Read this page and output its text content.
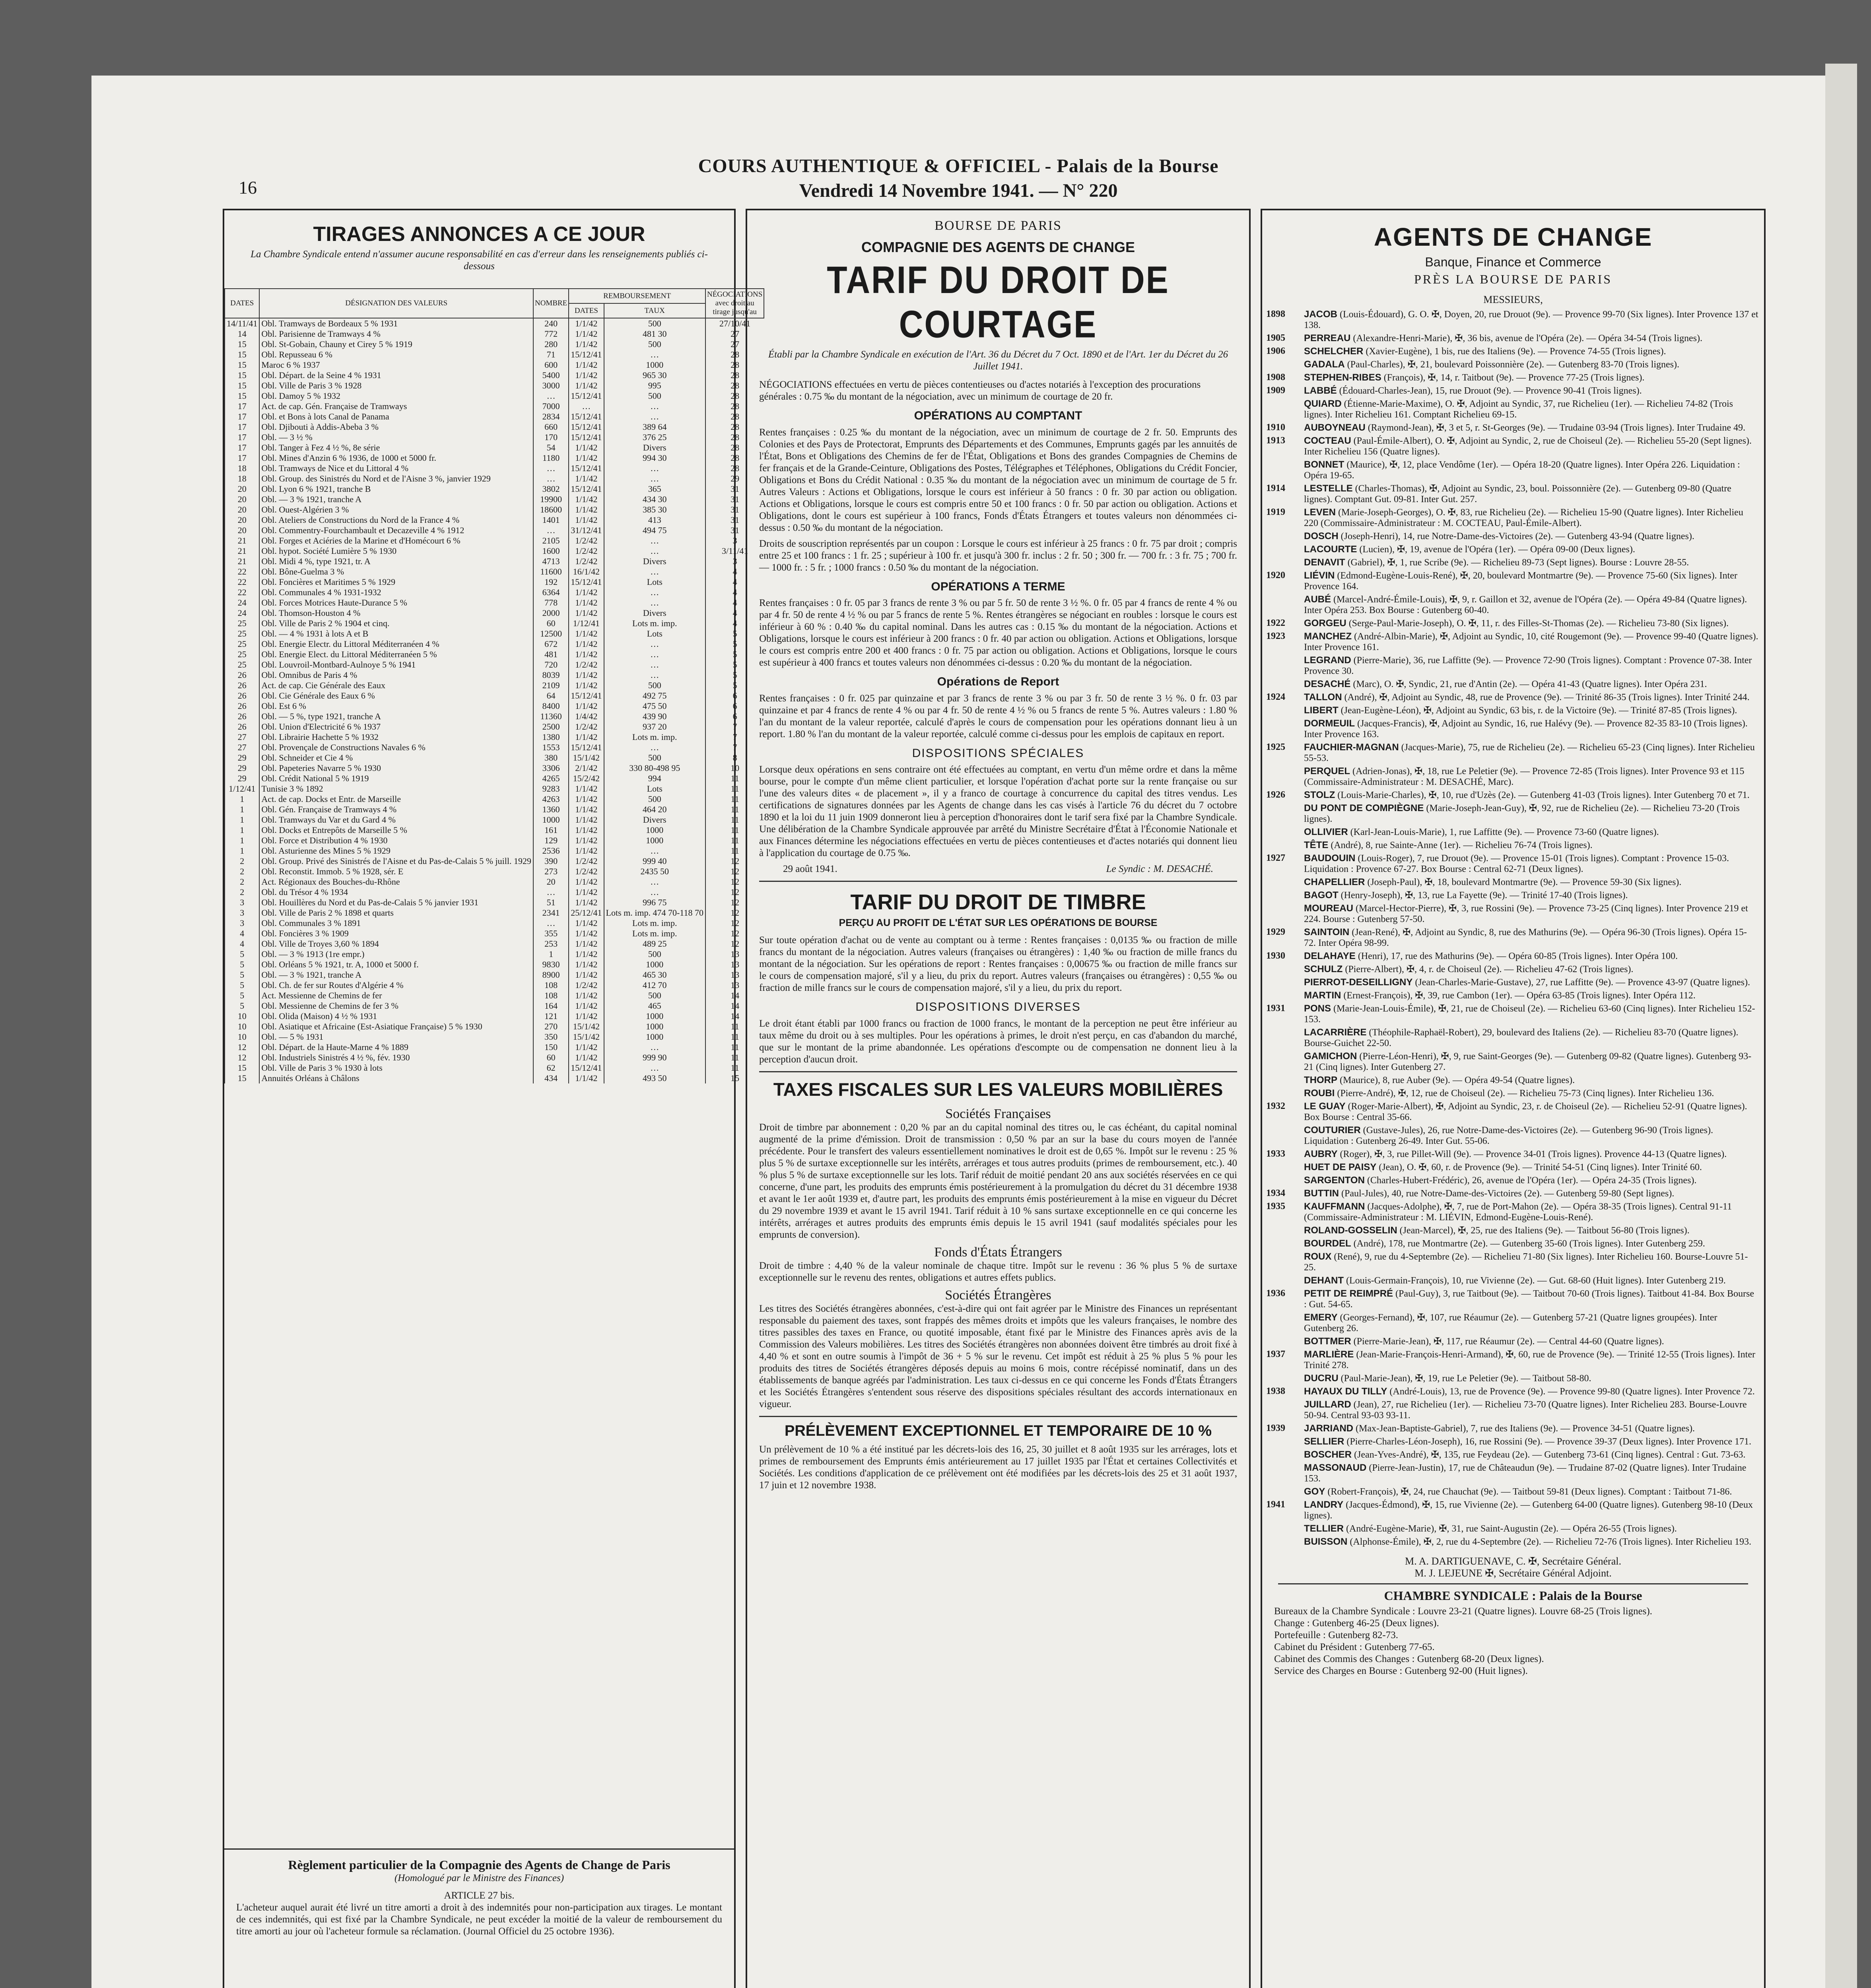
COURS AUTHENTIQUE & OFFICIEL - Palais de la Bourse
Vendredi 14 Novembre 1941. — N° 220
16
TIRAGES ANNONCES A CE JOUR
La Chambre Syndicale entend n'assumer aucune responsabilité en cas d'erreur dans les renseignements publiés ci-dessous
DATES	DÉSIGNATION DES VALEURS	NOMBRE	REMBOURSEMENT		NÉGOCIATIONS avec droit au tirage jusqu'au
			DATES	TAUX	
14/11/41	Obl. Tramways de Bordeaux 5 % 1931	240	1/1/42	500	27/10/41
14	Obl. Parisienne de Tramways 4 %	772	1/1/42	481 30	27
15	Obl. St-Gobain, Chauny et Cirey 5 % 1919	280	1/1/42	500	27
15	Obl. Repusseau 6 %	71	15/12/41	…	28
15	Maroc 6 % 1937	600	1/1/42	1000	28
15	Obl. Départ. de la Seine 4 % 1931	5400	1/1/42	965 30	28
15	Obl. Ville de Paris 3 % 1928	3000	1/1/42	995	28
15	Obl. Damoy 5 % 1932	…	15/12/41	500	28
17	Act. de cap. Gén. Française de Tramways	7000	…	…	28
17	Obl. et Bons à lots Canal de Panama	2834	15/12/41	…	28
17	Obl. Djibouti à Addis-Abeba 3 %	660	15/12/41	389 64	28
17	Obl. — 3 ½ %	170	15/12/41	376 25	28
17	Obl. Tanger à Fez 4 ½ %, 8e série	54	1/1/42	Divers	28
17	Obl. Mines d'Anzin 6 % 1936, de 1000 et 5000 fr.	1180	1/1/42	994 30	28
18	Obl. Tramways de Nice et du Littoral 4 %	…	15/12/41	…	28
18	Obl. Group. des Sinistrés du Nord et de l'Aisne 3 %, janvier 1929	…	1/1/42	…	29
20	Obl. Lyon 6 % 1921, tranche B	3802	15/12/41	365	31
20	Obl. — 3 % 1921, tranche A	19900	1/1/42	434 30	31
20	Obl. Ouest-Algérien 3 %	18600	1/1/42	385 30	31
20	Obl. Ateliers de Constructions du Nord de la France 4 %	1401	1/1/42	413	31
20	Obl. Commentry-Fourchambault et Decazeville 4 % 1912	…	31/12/41	494 75	31
21	Obl. Forges et Aciéries de la Marine et d'Homécourt 6 %	2105	1/2/42	…	3
21	Obl. hypot. Société Lumière 5 % 1930	1600	1/2/42	…	3/11/41
21	Obl. Midi 4 %, type 1921, tr. A	4713	1/2/42	Divers	3
22	Obl. Bône-Guelma 3 %	11600	16/1/42	…	4
22	Obl. Foncières et Maritimes 5 % 1929	192	15/12/41	Lots	4
22	Obl. Communales 4 % 1931-1932	6364	1/1/42	…	4
24	Obl. Forces Motrices Haute-Durance 5 %	778	1/1/42	…	4
24	Obl. Thomson-Houston 4 %	2000	1/1/42	Divers	4
25	Obl. Ville de Paris 2 % 1904 et cinq.	60	1/12/41	Lots m. imp.	4
25	Obl. — 4 % 1931 à lots A et B	12500	1/1/42	Lots	5
25	Obl. Energie Electr. du Littoral Méditerranéen 4 %	672	1/1/42	…	5
25	Obl. Energie Elect. du Littoral Méditerranéen 5 %	481	1/1/42	…	5
25	Obl. Louvroil-Montbard-Aulnoye 5 % 1941	720	1/2/42	…	5
26	Obl. Omnibus de Paris 4 %	8039	1/1/42	…	5
26	Act. de cap. Cie Générale des Eaux	2109	1/1/42	500	5
26	Obl. Cie Générale des Eaux 6 %	64	15/12/41	492 75	6
26	Obl. Est 6 %	8400	1/1/42	475 50	6
26	Obl. — 5 %, type 1921, tranche A	11360	1/4/42	439 90	6
26	Obl. Union d'Electricité 6 % 1937	2500	1/2/42	937 20	7
27	Obl. Librairie Hachette 5 % 1932	1380	1/1/42	Lots m. imp.	7
27	Obl. Provençale de Constructions Navales 6 %	1553	15/12/41	…	7
29	Obl. Schneider et Cie 4 %	380	15/1/42	500	8
29	Obl. Papeteries Navarre 5 % 1930	3306	2/1/42	330 80-498 95	10
29	Obl. Crédit National 5 % 1919	4265	15/2/42	994	11
1/12/41	Tunisie 3 % 1892	9283	1/1/42	Lots	11
1	Act. de cap. Docks et Entr. de Marseille	4263	1/1/42	500	11
1	Obl. Gén. Française de Tramways 4 %	1360	1/1/42	464 20	11
1	Obl. Tramways du Var et du Gard 4 %	1000	1/1/42	Divers	11
1	Obl. Docks et Entrepôts de Marseille 5 %	161	1/1/42	1000	11
1	Obl. Force et Distribution 4 % 1930	129	1/1/42	1000	11
1	Obl. Asturienne des Mines 5 % 1929	2536	1/1/42	…	11
2	Obl. Group. Privé des Sinistrés de l'Aisne et du Pas-de-Calais 5 % juill. 1929	390	1/2/42	999 40	12
2	Obl. Reconstit. Immob. 5 % 1928, sér. E	273	1/2/42	2435 50	12
2	Act. Régionaux des Bouches-du-Rhône	20	1/1/42	…	12
2	Obl. du Trésor 4 % 1934	…	1/1/42	…	12
3	Obl. Houillères du Nord et du Pas-de-Calais 5 % janvier 1931	51	1/1/42	996 75	12
3	Obl. Ville de Paris 2 % 1898 et quarts	2341	25/12/41	Lots m. imp. 474 70-118 70	12
3	Obl. Communales 3 % 1891	…	1/1/42	Lots m. imp.	12
4	Obl. Foncières 3 % 1909	355	1/1/42	Lots m. imp.	12
4	Obl. Ville de Troyes 3,60 % 1894	253	1/1/42	489 25	12
5	Obl. — 3 % 1913 (1re empr.)	1	1/1/42	500	13
5	Obl. Orléans 5 % 1921, tr. A, 1000 et 5000 f.	9830	1/1/42	1000	13
5	Obl. — 3 % 1921, tranche A	8900	1/1/42	465 30	13
5	Obl. Ch. de fer sur Routes d'Algérie 4 %	108	1/2/42	412 70	13
5	Act. Messienne de Chemins de fer	108	1/1/42	500	14
5	Obl. Messienne de Chemins de fer 3 %	164	1/1/42	465	14
10	Obl. Olida (Maison) 4 ½ % 1931	121	1/1/42	1000	14
10	Obl. Asiatique et Africaine (Est-Asiatique Française) 5 % 1930	270	15/1/42	1000	11
10	Obl. — 5 % 1931	350	15/1/42	1000	11
12	Obl. Départ. de la Haute-Marne 4 % 1889	150	1/1/42	…	11
12	Obl. Industriels Sinistrés 4 ½ %, fév. 1930	60	1/1/42	999 90	11
15	Obl. Ville de Paris 3 % 1930 à lots	62	15/12/41	…	11
15	Annuités Orléans à Châlons	434	1/1/42	493 50	15
Règlement particulier de la Compagnie des Agents de Change de Paris
(Homologué par le Ministre des Finances)
ARTICLE 27 bis.
L'acheteur auquel aurait été livré un titre amorti a droit à des indemnités pour non-participation aux tirages. Le montant de ces indemnités, qui est fixé par la Chambre Syndicale, ne peut excéder la moitié de la valeur de remboursement du titre amorti au jour où l'acheteur formule sa réclamation. (Journal Officiel du 25 octobre 1936).
BOURSE DE PARIS
COMPAGNIE DES AGENTS DE CHANGE
TARIF DU DROIT DE COURTAGE
Établi par la Chambre Syndicale en exécution de l'Art. 36 du Décret du 7 Oct. 1890 et de l'Art. 1er du Décret du 26 Juillet 1941.

NÉGOCIATIONS effectuées en vertu de pièces contentieuses ou d'actes notariés à l'exception des procurations générales : 0.75 ‰ du montant de la négociation, avec un minimum de courtage de 20 fr.

OPÉRATIONS AU COMPTANT

Rentes françaises : 0.25 ‰ du montant de la négociation, avec un minimum de courtage de 2 fr. 50. Emprunts des Colonies et des Pays de Protectorat, Emprunts des Départements et des Communes, Emprunts gagés par les annuités de l'État, Bons et Obligations des Chemins de fer de l'État, Obligations et Bons des grandes Compagnies de Chemins de fer français et de la Grande-Ceinture, Obligations des Postes, Télégraphes et Téléphones, Obligations du Crédit Foncier, Obligations et Bons du Crédit National : 0.35 ‰ du montant de la négociation avec un minimum de courtage de 5 fr. Autres Valeurs : Actions et Obligations, lorsque le cours est inférieur à 50 francs : 0 fr. 30 par action ou obligation. Actions et Obligations, lorsque le cours est compris entre 50 et 100 francs : 0 fr. 50 par action ou obligation. Actions et Obligations, dont le cours est supérieur à 100 francs, Fonds d'États Étrangers et toutes valeurs non dénommées ci-dessus : 0.50 ‰ du montant de la négociation.

Droits de souscription représentés par un coupon : Lorsque le cours est inférieur à 25 francs : 0 fr. 75 par droit ; compris entre 25 et 100 francs : 1 fr. 25 ; supérieur à 100 fr. et jusqu'à 300 fr. inclus : 2 fr. 50 ; 300 fr. — 700 fr. : 3 fr. 75 ; 700 fr. — 1000 fr. : 5 fr. ; 1000 francs : 0.50 ‰ du montant de la négociation.

OPÉRATIONS A TERME

Rentes françaises : 0 fr. 05 par 3 francs de rente 3 % ou par 5 fr. 50 de rente 3 ½ %. 0 fr. 05 par 4 francs de rente 4 % ou par 4 fr. 50 de rente 4 ½ % ou par 5 francs de rente 5 %. Rentes étrangères se négociant en roubles : lorsque le cours est inférieur à 60 % : 0.40 ‰ du capital nominal. Dans les autres cas : 0.15 ‰ du montant de la négociation. Actions et Obligations, lorsque le cours est inférieur à 200 francs : 0 fr. 40 par action ou obligation. Actions et Obligations, lorsque le cours est compris entre 200 et 400 francs : 0 fr. 75 par action ou obligation. Actions et Obligations, lorsque le cours est supérieur à 400 francs et toutes valeurs non dénommées ci-dessus : 0.20 ‰ du montant de la négociation.

Opérations de Report

Rentes françaises : 0 fr. 025 par quinzaine et par 3 francs de rente 3 % ou par 3 fr. 50 de rente 3 ½ %. 0 fr. 03 par quinzaine et par 4 francs de rente 4 % ou par 4 fr. 50 de rente 4 ½ % ou 5 francs de rente 5 %. Autres valeurs : 1.80 % l'an du montant de la valeur reportée, calculé d'après le cours de compensation pour les opérations donnant lieu à un report. 1.80 % l'an du montant de la valeur reportée, calculé comme ci-dessus pour les emplois de capitaux en report.

DISPOSITIONS SPÉCIALES

Lorsque deux opérations en sens contraire ont été effectuées au comptant, en vertu d'un même ordre et dans la même bourse, pour le compte d'un même client particulier, et lorsque l'opération d'achat porte sur la rente française ou sur l'une des valeurs dites « de placement », il y a franco de courtage à concurrence du capital des titres vendus. Les certifications de signatures données par les Agents de change dans les cas visés à l'article 76 du décret du 7 octobre 1890 et la loi du 11 juin 1909 donneront lieu à perception d'honoraires dont le tarif sera fixé par la Chambre Syndicale. Une délibération de la Chambre Syndicale approuvée par arrêté du Ministre Secrétaire d'État à l'Économie Nationale et aux Finances détermine les négociations effectuées en vertu de pièces contentieuses et d'actes notariés qui donnent lieu à l'application du courtage de 0.75 ‰.

29 août 1941.	Le Syndic : M. DESACHÉ.
TARIF DU DROIT DE TIMBRE
PERÇU AU PROFIT DE L'ÉTAT SUR LES OPÉRATIONS DE BOURSE

Sur toute opération d'achat ou de vente au comptant ou à terme : Rentes françaises : 0,0135 ‰ ou fraction de mille francs du montant de la négociation. Autres valeurs (françaises ou étrangères) : 1,40 ‰ ou fraction de mille francs du montant de la négociation. Sur les opérations de report : Rentes françaises : 0,00675 ‰ ou fraction de mille francs sur le cours de compensation majoré, s'il y a lieu, du prix du report. Autres valeurs (françaises ou étrangères) : 0,55 ‰ ou fraction de mille francs sur le cours de compensation majoré, s'il y a lieu, du prix du report.

DISPOSITIONS DIVERSES

Le droit étant établi par 1000 francs ou fraction de 1000 francs, le montant de la perception ne peut être inférieur au taux même du droit ou à ses multiples. Pour les opérations à primes, le droit n'est perçu, en cas d'abandon du marché, que sur le montant de la prime abandonnée. Les opérations d'escompte ou de compensation ne donnent lieu à la perception d'aucun droit.

TAXES FISCALES SUR LES VALEURS MOBILIÈRES
Sociétés Françaises

Droit de timbre par abonnement : 0,20 % par an du capital nominal des titres ou, le cas échéant, du capital nominal augmenté de la prime d'émission. Droit de transmission : 0,50 % par an sur la base du cours moyen de l'année précédente. Pour le transfert des valeurs essentiellement nominatives le droit est de 0,65 %. Impôt sur le revenu : 25 % plus 5 % de surtaxe exceptionnelle sur les intérêts, arrérages et tous autres produits (primes de remboursement, etc.). 40 % plus 5 % de surtaxe exceptionnelle sur les lots. Tarif réduit de moitié pendant 20 ans aux sociétés réservées en ce qui concerne, d'une part, les produits des emprunts émis postérieurement à la promulgation du décret du 31 décembre 1938 et avant le 1er août 1939 et, d'autre part, les produits des emprunts émis postérieurement à la mise en vigueur du Décret du 29 novembre 1939 et avant le 15 avril 1941. Tarif réduit à 10 % sans surtaxe exceptionnelle en ce qui concerne les intérêts, arrérages et autres produits des emprunts émis depuis le 15 avril 1941 (sauf modalités spéciales pour les emprunts de conversion).

Fonds d'États Étrangers

Droit de timbre : 4,40 % de la valeur nominale de chaque titre. Impôt sur le revenu : 36 % plus 5 % de surtaxe exceptionnelle sur le revenu des rentes, obligations et autres effets publics.

Sociétés Étrangères

Les titres des Sociétés étrangères abonnées, c'est-à-dire qui ont fait agréer par le Ministre des Finances un représentant responsable du paiement des taxes, sont frappés des mêmes droits et impôts que les valeurs françaises, le nombre des titres passibles des taxes en France, ou quotité imposable, étant fixé par le Ministre des Finances après avis de la Commission des Valeurs mobilières. Les titres des Sociétés étrangères non abonnées doivent être timbrés au droit fixé à 4,40 % et sont en outre soumis à l'impôt de 36 + 5 % sur le revenu. Cet impôt est réduit à 25 % plus 5 % pour les produits des titres de Sociétés étrangères déposés depuis au moins 6 mois, contre récépissé nominatif, dans un des établissements de banque agréés par l'administration. Les taux ci-dessus en ce qui concerne les Fonds d'États Étrangers et les Sociétés Étrangères s'entendent sous réserve des dispositions spéciales résultant des accords internationaux en vigueur.

PRÉLÈVEMENT EXCEPTIONNEL ET TEMPORAIRE DE 10 %

Un prélèvement de 10 % a été institué par les décrets-lois des 16, 25, 30 juillet et 8 août 1935 sur les arrérages, lots et primes de remboursement des Emprunts émis antérieurement au 17 juillet 1935 par l'État et certaines Collectivités et Sociétés. Les conditions d'application de ce prélèvement ont été modifiées par les décrets-lois des 25 et 31 août 1937, 17 juin et 12 novembre 1938.

AGENTS DE CHANGE
Banque, Finance et Commerce
PRÈS LA BOURSE DE PARIS
MESSIEURS,
1898	JACOB (Louis-Édouard), G. O. ✠, Doyen, 20, rue Drouot (9e). — Provence 99-70 (Six lignes). Inter Provence 137 et 138.
1905	PERREAU (Alexandre-Henri-Marie), ✠, 36 bis, avenue de l'Opéra (2e). — Opéra 34-54 (Trois lignes).
1906	SCHELCHER (Xavier-Eugène), 1 bis, rue des Italiens (9e). — Provence 74-55 (Trois lignes).
GADALA (Paul-Charles), ✠, 21, boulevard Poissonnière (2e). — Gutenberg 83-70 (Trois lignes).
1908	STEPHEN-RIBES (François), ✠, 14, r. Taitbout (9e). — Provence 77-25 (Trois lignes).
1909	LABBÉ (Édouard-Charles-Jean), 15, rue Drouot (9e). — Provence 90-41 (Trois lignes).
QUIARD (Étienne-Marie-Maxime), O. ✠, Adjoint au Syndic, 37, rue Richelieu (1er). — Richelieu 74-82 (Trois lignes). Inter Richelieu 161. Comptant Richelieu 69-15.
1910	AUBOYNEAU (Raymond-Jean), ✠, 3 et 5, r. St-Georges (9e). — Trudaine 03-94 (Trois lignes). Inter Trudaine 49.
1913	COCTEAU (Paul-Émile-Albert), O. ✠, Adjoint au Syndic, 2, rue de Choiseul (2e). — Richelieu 55-20 (Sept lignes). Inter Richelieu 156 (Quatre lignes).
BONNET (Maurice), ✠, 12, place Vendôme (1er). — Opéra 18-20 (Quatre lignes). Inter Opéra 226. Liquidation : Opéra 19-65.
1914	LESTELLE (Charles-Thomas), ✠, Adjoint au Syndic, 23, boul. Poissonnière (2e). — Gutenberg 09-80 (Quatre lignes). Comptant Gut. 09-81. Inter Gut. 257.
1919	LEVEN (Marie-Joseph-Georges), O. ✠, 83, rue Richelieu (2e). — Richelieu 15-90 (Quatre lignes). Inter Richelieu 220 (Commissaire-Administrateur : M. COCTEAU, Paul-Émile-Albert).
DOSCH (Joseph-Henri), 14, rue Notre-Dame-des-Victoires (2e). — Gutenberg 43-94 (Quatre lignes).
LACOURTE (Lucien), ✠, 19, avenue de l'Opéra (1er). — Opéra 09-00 (Deux lignes).
DENAVIT (Gabriel), ✠, 1, rue Scribe (9e). — Richelieu 89-73 (Sept lignes). Bourse : Louvre 28-55.
1920	LIÉVIN (Edmond-Eugène-Louis-René), ✠, 20, boulevard Montmartre (9e). — Provence 75-60 (Six lignes). Inter Provence 164.
AUBÉ (Marcel-André-Émile-Louis), ✠, 9, r. Gaillon et 32, avenue de l'Opéra (2e). — Opéra 49-84 (Quatre lignes). Inter Opéra 253. Box Bourse : Gutenberg 60-40.
1922	GORGEU (Serge-Paul-Marie-Joseph), O. ✠, 11, r. des Filles-St-Thomas (2e). — Richelieu 73-80 (Six lignes).
1923	MANCHEZ (André-Albin-Marie), ✠, Adjoint au Syndic, 10, cité Rougemont (9e). — Provence 99-40 (Quatre lignes). Inter Provence 161.
LEGRAND (Pierre-Marie), 36, rue Laffitte (9e). — Provence 72-90 (Trois lignes). Comptant : Provence 07-38. Inter Provence 30.
DESACHÉ (Marc), O. ✠, Syndic, 21, rue d'Antin (2e). — Opéra 41-43 (Quatre lignes). Inter Opéra 231.
1924	TALLON (André), ✠, Adjoint au Syndic, 48, rue de Provence (9e). — Trinité 86-35 (Trois lignes). Inter Trinité 244.
LIBERT (Jean-Eugène-Léon), ✠, Adjoint au Syndic, 63 bis, r. de la Victoire (9e). — Trinité 87-85 (Trois lignes).
DORMEUIL (Jacques-Francis), ✠, Adjoint au Syndic, 16, rue Halévy (9e). — Provence 82-35 83-10 (Trois lignes). Inter Provence 163.
1925	FAUCHIER-MAGNAN (Jacques-Marie), 75, rue de Richelieu (2e). — Richelieu 65-23 (Cinq lignes). Inter Richelieu 55-53.
PERQUEL (Adrien-Jonas), ✠, 18, rue Le Peletier (9e). — Provence 72-85 (Trois lignes). Inter Provence 93 et 115 (Commissaire-Administrateur : M. DESACHÉ, Marc).
1926	STOLZ (Louis-Marie-Charles), ✠, 10, rue d'Uzès (2e). — Gutenberg 41-03 (Trois lignes). Inter Gutenberg 70 et 71.
DU PONT DE COMPIÈGNE (Marie-Joseph-Jean-Guy), ✠, 92, rue de Richelieu (2e). — Richelieu 73-20 (Trois lignes).
OLLIVIER (Karl-Jean-Louis-Marie), 1, rue Laffitte (9e). — Provence 73-60 (Quatre lignes).
TÊTE (André), 8, rue Sainte-Anne (1er). — Richelieu 76-74 (Trois lignes).
1927	BAUDOUIN (Louis-Roger), 7, rue Drouot (9e). — Provence 15-01 (Trois lignes). Comptant : Provence 15-03. Liquidation : Provence 67-27. Box Bourse : Central 62-71 (Deux lignes).
CHAPELLIER (Joseph-Paul), ✠, 18, boulevard Montmartre (9e). — Provence 59-30 (Six lignes).
BAGOT (Henry-Joseph), ✠, 13, rue La Fayette (9e). — Trinité 17-40 (Trois lignes).
MOUREAU (Marcel-Hector-Pierre), ✠, 3, rue Rossini (9e). — Provence 73-25 (Cinq lignes). Inter Provence 219 et 224. Bourse : Gutenberg 57-50.
1929	SAINTOIN (Jean-René), ✠, Adjoint au Syndic, 8, rue des Mathurins (9e). — Opéra 96-30 (Trois lignes). Opéra 15-72. Inter Opéra 98-99.
1930	DELAHAYE (Henri), 17, rue des Mathurins (9e). — Opéra 60-85 (Trois lignes). Inter Opéra 100.
SCHULZ (Pierre-Albert), ✠, 4, r. de Choiseul (2e). — Richelieu 47-62 (Trois lignes).
PIERROT-DESEILLIGNY (Jean-Charles-Marie-Gustave), 27, rue Laffitte (9e). — Provence 43-97 (Quatre lignes).
MARTIN (Ernest-François), ✠, 39, rue Cambon (1er). — Opéra 63-85 (Trois lignes). Inter Opéra 112.
1931	PONS (Marie-Jean-Louis-Émile), ✠, 21, rue de Choiseul (2e). — Richelieu 63-60 (Cinq lignes). Inter Richelieu 152-153.
LACARRIÈRE (Théophile-Raphaël-Robert), 29, boulevard des Italiens (2e). — Richelieu 83-70 (Quatre lignes). Bourse-Guichet 22-50.
GAMICHON (Pierre-Léon-Henri), ✠, 9, rue Saint-Georges (9e). — Gutenberg 09-82 (Quatre lignes). Gutenberg 93-21 (Cinq lignes). Inter Gutenberg 27.
THORP (Maurice), 8, rue Auber (9e). — Opéra 49-54 (Quatre lignes).
ROUBI (Pierre-André), ✠, 12, rue de Choiseul (2e). — Richelieu 75-73 (Cinq lignes). Inter Richelieu 136.
1932	LE GUAY (Roger-Marie-Albert), ✠, Adjoint au Syndic, 23, r. de Choiseul (2e). — Richelieu 52-91 (Quatre lignes). Box Bourse : Central 35-66.
COUTURIER (Gustave-Jules), 26, rue Notre-Dame-des-Victoires (2e). — Gutenberg 96-90 (Trois lignes). Liquidation : Gutenberg 26-49. Inter Gut. 55-06.
1933	AUBRY (Roger), ✠, 3, rue Pillet-Will (9e). — Provence 34-01 (Trois lignes). Provence 44-13 (Quatre lignes).
HUET DE PAISY (Jean), O. ✠, 60, r. de Provence (9e). — Trinité 54-51 (Cinq lignes). Inter Trinité 60.
SARGENTON (Charles-Hubert-Frédéric), 26, avenue de l'Opéra (1er). — Opéra 24-35 (Trois lignes).
1934	BUTTIN (Paul-Jules), 40, rue Notre-Dame-des-Victoires (2e). — Gutenberg 59-80 (Sept lignes).
1935	KAUFFMANN (Jacques-Adolphe), ✠, 7, rue de Port-Mahon (2e). — Opéra 38-35 (Trois lignes). Central 91-11 (Commissaire-Administrateur : M. LIÉVIN, Edmond-Eugène-Louis-René).
ROLAND-GOSSELIN (Jean-Marcel), ✠, 25, rue des Italiens (9e). — Taitbout 56-80 (Trois lignes).
BOURDEL (André), 178, rue Montmartre (2e). — Gutenberg 35-60 (Trois lignes). Inter Gutenberg 259.
ROUX (René), 9, rue du 4-Septembre (2e). — Richelieu 71-80 (Six lignes). Inter Richelieu 160. Bourse-Louvre 51-25.
DEHANT (Louis-Germain-François), 10, rue Vivienne (2e). — Gut. 68-60 (Huit lignes). Inter Gutenberg 219.
1936	PETIT DE REIMPRÉ (Paul-Guy), 3, rue Taitbout (9e). — Taitbout 70-60 (Trois lignes). Taitbout 41-84. Box Bourse : Gut. 54-65.
EMERY (Georges-Fernand), ✠, 107, rue Réaumur (2e). — Gutenberg 57-21 (Quatre lignes groupées). Inter Gutenberg 26.
BOTTMER (Pierre-Marie-Jean), ✠, 117, rue Réaumur (2e). — Central 44-60 (Quatre lignes).
1937	MARLIÈRE (Jean-Marie-François-Henri-Armand), ✠, 60, rue de Provence (9e). — Trinité 12-55 (Trois lignes). Inter Trinité 278.
DUCRU (Paul-Marie-Jean), ✠, 19, rue Le Peletier (9e). — Taitbout 58-80.
1938	HAYAUX DU TILLY (André-Louis), 13, rue de Provence (9e). — Provence 99-80 (Quatre lignes). Inter Provence 72.
JUILLARD (Jean), 27, rue Richelieu (1er). — Richelieu 73-70 (Quatre lignes). Inter Richelieu 283. Bourse-Louvre 50-94. Central 93-03 93-11.
1939	JARRIAND (Max-Jean-Baptiste-Gabriel), 7, rue des Italiens (9e). — Provence 34-51 (Quatre lignes).
SELLIER (Pierre-Charles-Léon-Joseph), 16, rue Rossini (9e). — Provence 39-37 (Deux lignes). Inter Provence 171.
BOSCHER (Jean-Yves-André), ✠, 135, rue Feydeau (2e). — Gutenberg 73-61 (Cinq lignes). Central : Gut. 73-63.
MASSONAUD (Pierre-Jean-Justin), 17, rue de Châteaudun (9e). — Trudaine 87-02 (Quatre lignes). Inter Trudaine 153.
GOY (Robert-François), ✠, 24, rue Chauchat (9e). — Taitbout 59-81 (Deux lignes). Comptant : Taitbout 71-86.
1941	LANDRY (Jacques-Édmond), ✠, 15, rue Vivienne (2e). — Gutenberg 64-00 (Quatre lignes). Gutenberg 98-10 (Deux lignes).
TELLIER (André-Eugène-Marie), ✠, 31, rue Saint-Augustin (2e). — Opéra 26-55 (Trois lignes).
BUISSON (Alphonse-Émile), ✠, 2, rue du 4-Septembre (2e). — Richelieu 72-76 (Trois lignes). Inter Richelieu 193.
M. A. DARTIGUENAVE, C. ✠, Secrétaire Général.
M. J. LEJEUNE ✠, Secrétaire Général Adjoint.
CHAMBRE SYNDICALE : Palais de la Bourse
Bureaux de la Chambre Syndicale : Louvre 23-21 (Quatre lignes). Louvre 68-25 (Trois lignes).
Change : Gutenberg 46-25 (Deux lignes).
Portefeuille : Gutenberg 82-73.
Cabinet du Président : Gutenberg 77-65.
Cabinet des Commis des Changes : Gutenberg 68-20 (Deux lignes).
Service des Charges en Bourse : Gutenberg 92-00 (Huit lignes).
